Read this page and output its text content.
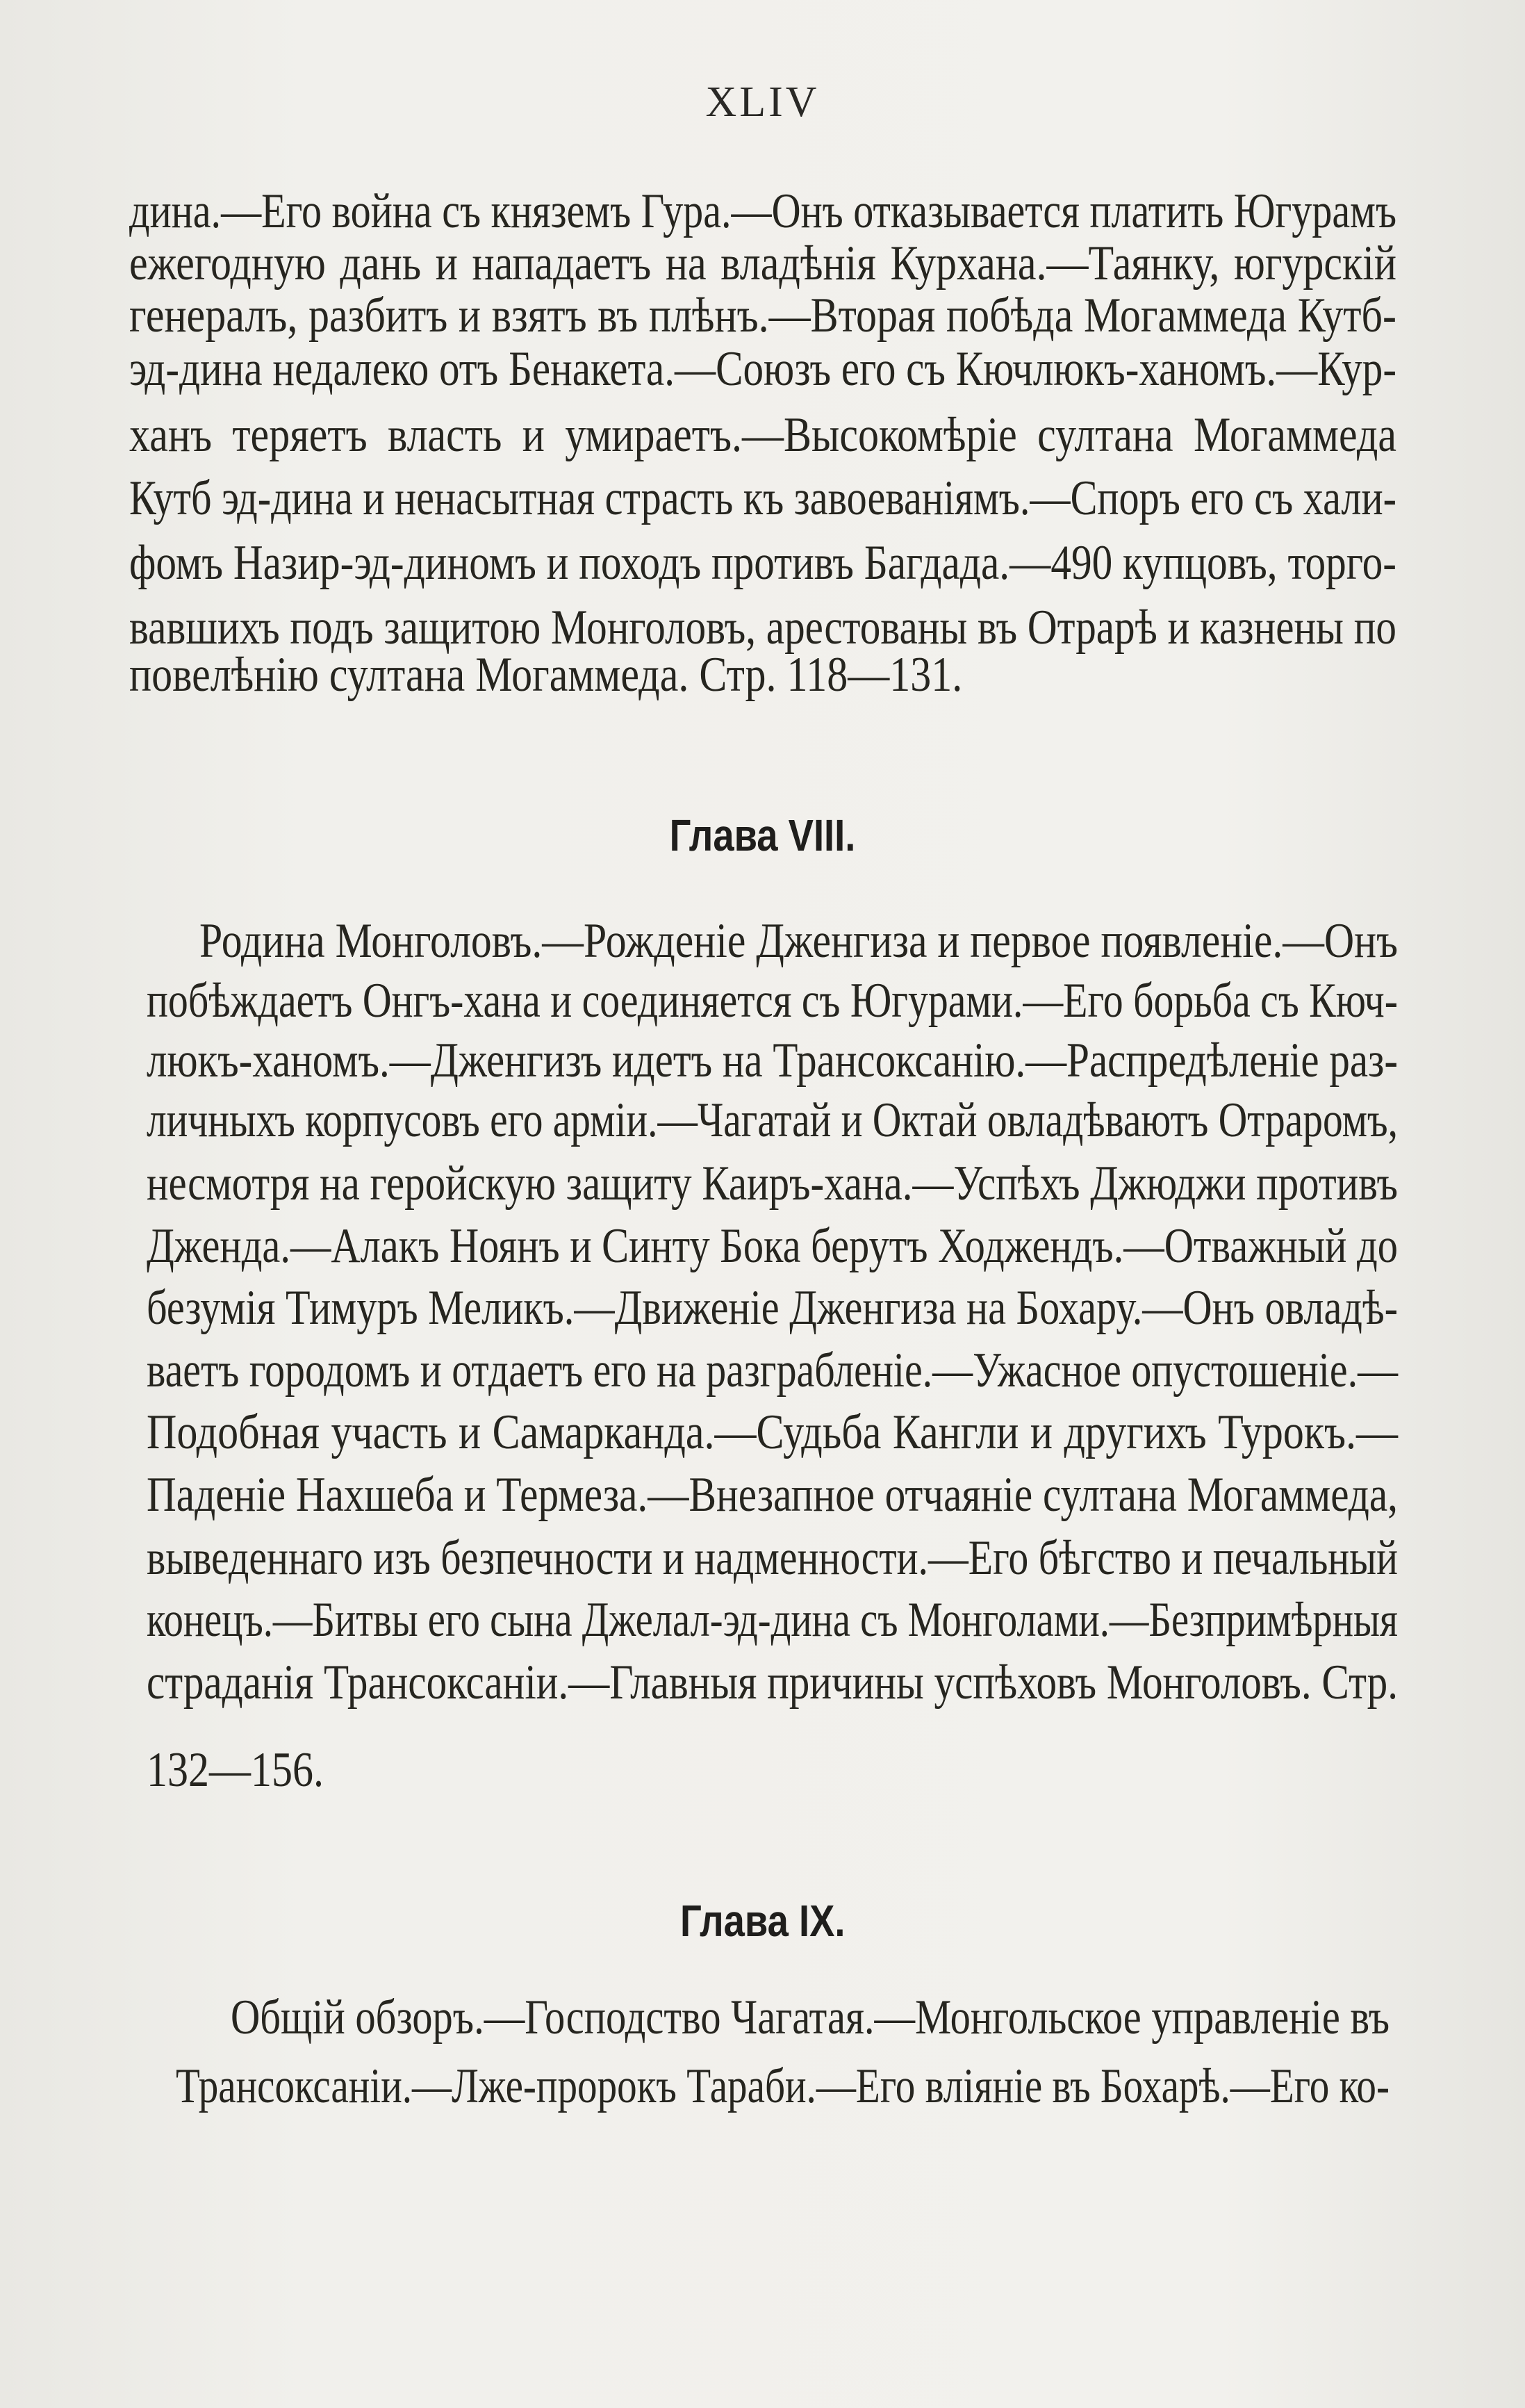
XLIV
дина.—Его война съ княземъ Гура.—Онъ отказывается платить Югурамъ
ежегодную дань и нападаетъ на владѣнія Курхана.—Таянку, югурскій
генералъ, разбитъ и взятъ въ плѣнъ.—Вторая побѣда Могаммеда Кутб-
эд-дина недалеко отъ Бенакета.—Союзъ его съ Кючлюкъ-ханомъ.—Кур-
ханъ теряетъ власть и умираетъ.—Высокомѣріе султана Могаммеда
Кутб эд-дина и ненасытная страсть къ завоеваніямъ.—Споръ его съ хали-
фомъ Назир-эд-диномъ и походъ противъ Багдада.—490 купцовъ, торго-
вавшихъ подъ защитою Монголовъ, арестованы въ Отрарѣ и казнены по
повелѣнію султана Могаммеда. Стр. 118—131.
Глава VIII.
Родина Монголовъ.—Рожденіе Дженгиза и первое появленіе.—Онъ
побѣждаетъ Онгъ-хана и соединяется съ Югурами.—Его борьба съ Кюч-
люкъ-ханомъ.—Дженгизъ идетъ на Трансоксанію.—Распредѣленіе раз-
личныхъ корпусовъ его арміи.—Чагатай и Октай овладѣваютъ Отраромъ,
несмотря на геройскую защиту Каиръ-хана.—Успѣхъ Джюджи противъ
Дженда.—Алакъ Ноянъ и Синту Бока берутъ Ходжендъ.—Отважный до
безумія Тимуръ Меликъ.—Движеніе Дженгиза на Бохару.—Онъ овладѣ-
ваетъ городомъ и отдаетъ его на разграбленіе.—Ужасное опустошеніе.—
Подобная участь и Самарканда.—Судьба Кангли и другихъ Турокъ.—
Паденіе Нахшеба и Термеза.—Внезапное отчаяніе султана Могаммеда,
выведеннаго изъ безпечности и надменности.—Его бѣгство и печальный
конецъ.—Битвы его сына Джелал-эд-дина съ Монголами.—Безпримѣрныя
страданія Трансоксаніи.—Главныя причины успѣховъ Монголовъ. Стр.
132—156.
Глава IX.
Общій обзоръ.—Господство Чагатая.—Монгольское управленіе въ
Трансоксаніи.—Лже-пророкъ Тараби.—Его вліяніе въ Бохарѣ.—Его ко-
